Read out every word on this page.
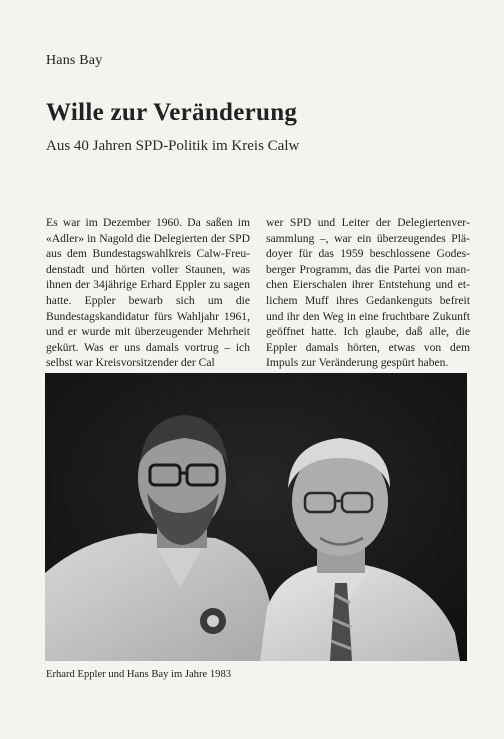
Hans Bay
Wille zur Veränderung
Aus 40 Jahren SPD-Politik im Kreis Calw

Es war im Dezember 1960. Da saßen im «Adler» in Nagold die Delegierten der SPD aus dem Bundestagswahlkreis Calw-Freudenstadt und hörten voller Staunen, was ihnen der 34jährige Erhard Eppler zu sagen hatte. Eppler bewarb sich um die Bundestagskandidatur fürs Wahljahr 1961, und er wurde mit überzeugender Mehrheit gekürt. Was er uns damals vortrug – ich selbst war Kreisvorsitzender der Cal

wer SPD und Leiter der Delegiertenversammlung –, war ein überzeugendes Plädoyer für das 1959 beschlossene Godesberger Programm, das die Partei von manchen Eierschalen ihrer Entstehung und etlichem Muff ihres Gedankenguts befreit und ihr den Weg in eine fruchtbare Zukunft geöffnet hatte. Ich glaube, daß alle, die Eppler damals hörten, etwas von dem Impuls zur Veränderung gespürt haben.

Erhard Eppler und Hans Bay im Jahre 1983
